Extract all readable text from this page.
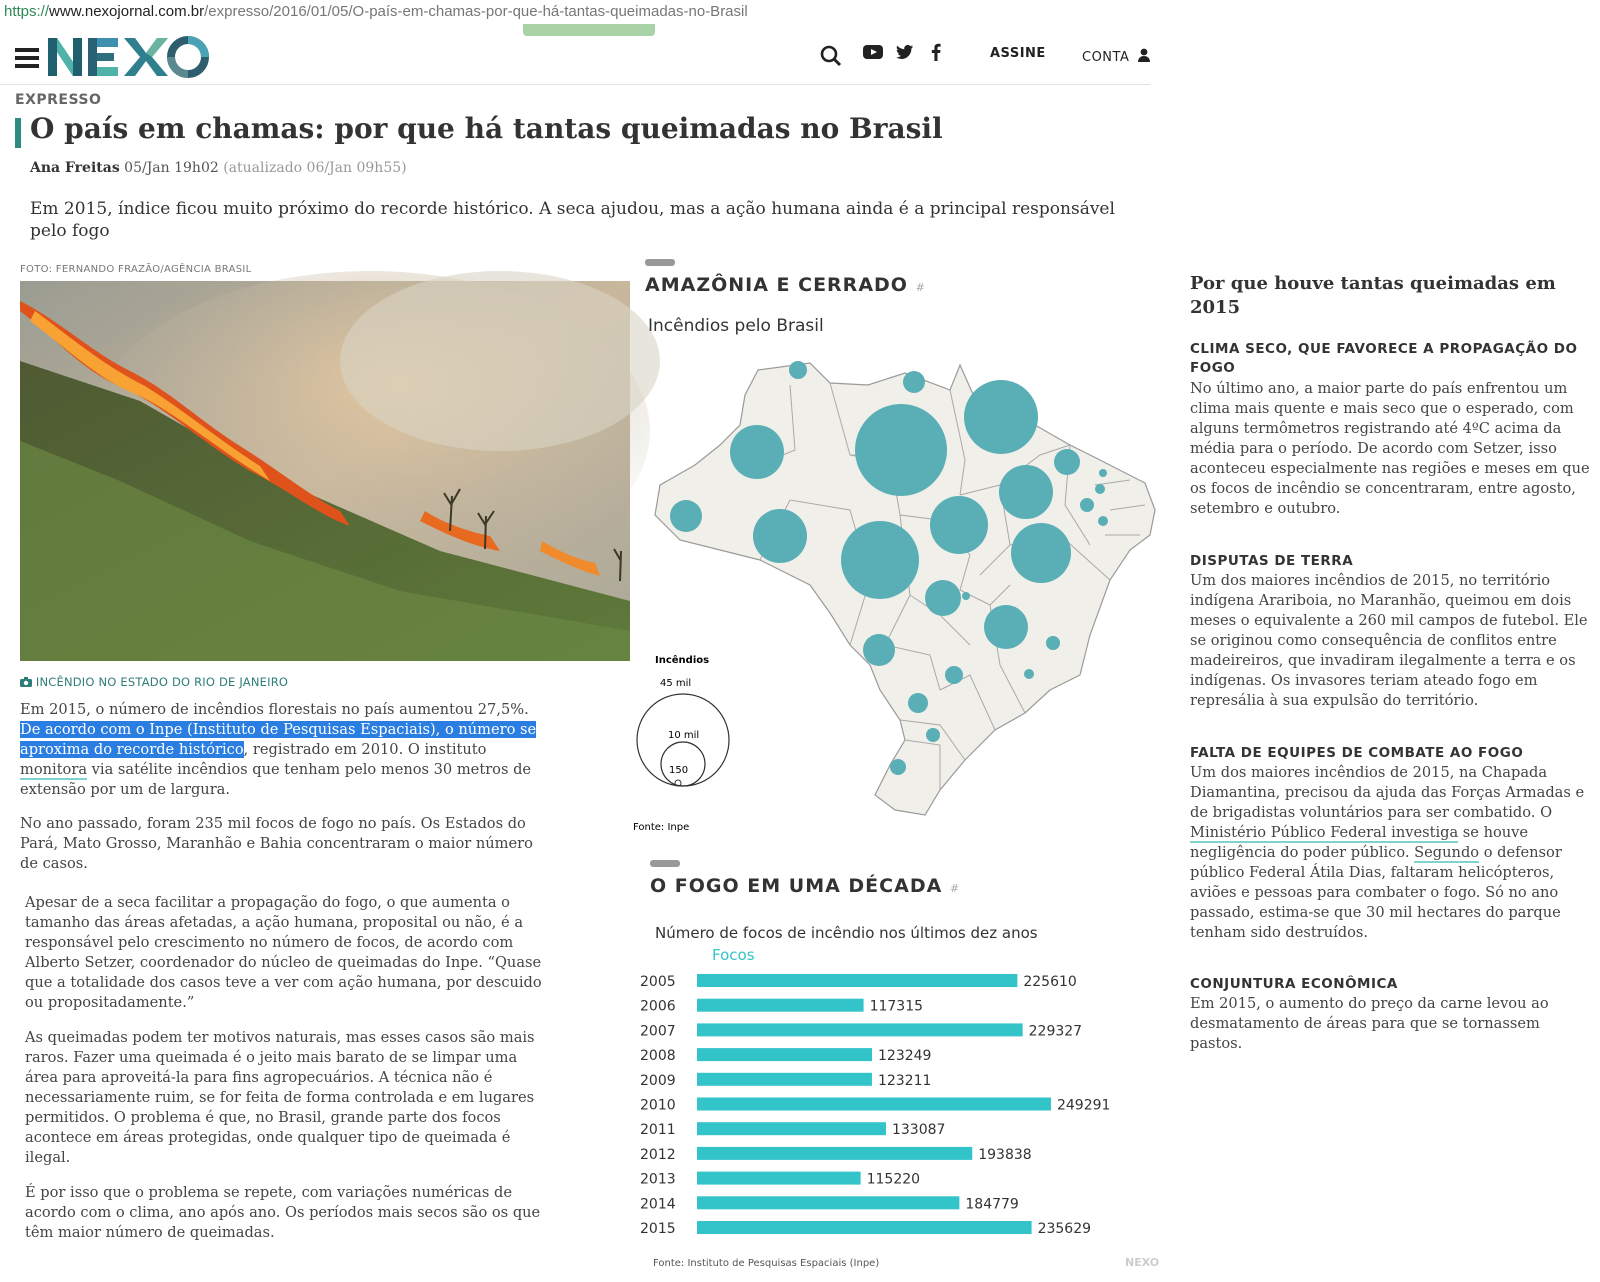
https://www.nexojornal.com.br/expresso/2016/01/05/O-país-em-chamas-por-que-há-tantas-queimadas-no-Brasil
ASSINE	CONTA
EXPRESSO
O país em chamas: por que há tantas queimadas no Brasil
Ana Freitas 05/Jan 19h02 (atualizado 06/Jan 09h55)
Em 2015, índice ficou muito próximo do recorde histórico. A seca ajudou, mas a ação humana ainda é a principal responsável pelo fogo
FOTO: FERNANDO FRAZÃO/AGÊNCIA BRASIL
INCÊNDIO NO ESTADO DO RIO DE JANEIRO
Em 2015, o número de incêndios florestais no país aumentou 27,5%. De acordo com o Inpe (Instituto de Pesquisas Espaciais), o número se aproxima do recorde histórico, registrado em 2010. O instituto monitora via satélite incêndios que tenham pelo menos 30 metros de extensão por um de largura.
No ano passado, foram 235 mil focos de fogo no país. Os Estados do Pará, Mato Grosso, Maranhão e Bahia concentraram o maior número de casos.
Apesar de a seca facilitar a propagação do fogo, o que aumenta o tamanho das áreas afetadas, a ação humana, proposital ou não, é a responsável pelo crescimento no número de focos, de acordo com Alberto Setzer, coordenador do núcleo de queimadas do Inpe. “Quase que a totalidade dos casos teve a ver com ação humana, por descuido ou propositadamente.”
As queimadas podem ter motivos naturais, mas esses casos são mais raros. Fazer uma queimada é o jeito mais barato de se limpar uma área para aproveitá-la para fins agropecuários. A técnica não é necessariamente ruim, se for feita de forma controlada e em lugares permitidos. O problema é que, no Brasil, grande parte dos focos acontece em áreas protegidas, onde qualquer tipo de queimada é ilegal.
É por isso que o problema se repete, com variações numéricas de acordo com o clima, ano após ano. Os períodos mais secos são os que têm maior número de queimadas.
AMAZÔNIA E CERRADO #
Incêndios pelo Brasil
Incêndios
45 mil
10 mil
150
Fonte: Inpe
O FOGO EM UMA DÉCADA #
Número de focos de incêndio nos últimos dez anos
Focos
2005	225610
2006	117315
2007	229327
2008	123249
2009	123211
2010	249291
2011	133087
2012	193838
2013	115220
2014	184779
2015	235629
Fonte: Instituto de Pesquisas Espaciais (Inpe)	NEXO
Por que houve tantas queimadas em 2015
CLIMA SECO, QUE FAVORECE A PROPAGAÇÃO DO FOGO
No último ano, a maior parte do país enfrentou um clima mais quente e mais seco que o esperado, com alguns termômetros registrando até 4ºC acima da média para o período. De acordo com Setzer, isso aconteceu especialmente nas regiões e meses em que os focos de incêndio se concentraram, entre agosto, setembro e outubro.
DISPUTAS DE TERRA
Um dos maiores incêndios de 2015, no território indígena Arariboia, no Maranhão, queimou em dois meses o equivalente a 260 mil campos de futebol. Ele se originou como consequência de conflitos entre madeireiros, que invadiram ilegalmente a terra e os indígenas. Os invasores teriam ateado fogo em represália à sua expulsão do território.
FALTA DE EQUIPES DE COMBATE AO FOGO
Um dos maiores incêndios de 2015, na Chapada Diamantina, precisou da ajuda das Forças Armadas e de brigadistas voluntários para ser combatido. O Ministério Público Federal investiga se houve negligência do poder público. Segundo o defensor público Federal Átila Dias, faltaram helicópteros, aviões e pessoas para combater o fogo. Só no ano passado, estima-se que 30 mil hectares do parque tenham sido destruídos.
CONJUNTURA ECONÔMICA
Em 2015, o aumento do preço da carne levou ao desmatamento de áreas para que se tornassem pastos.
